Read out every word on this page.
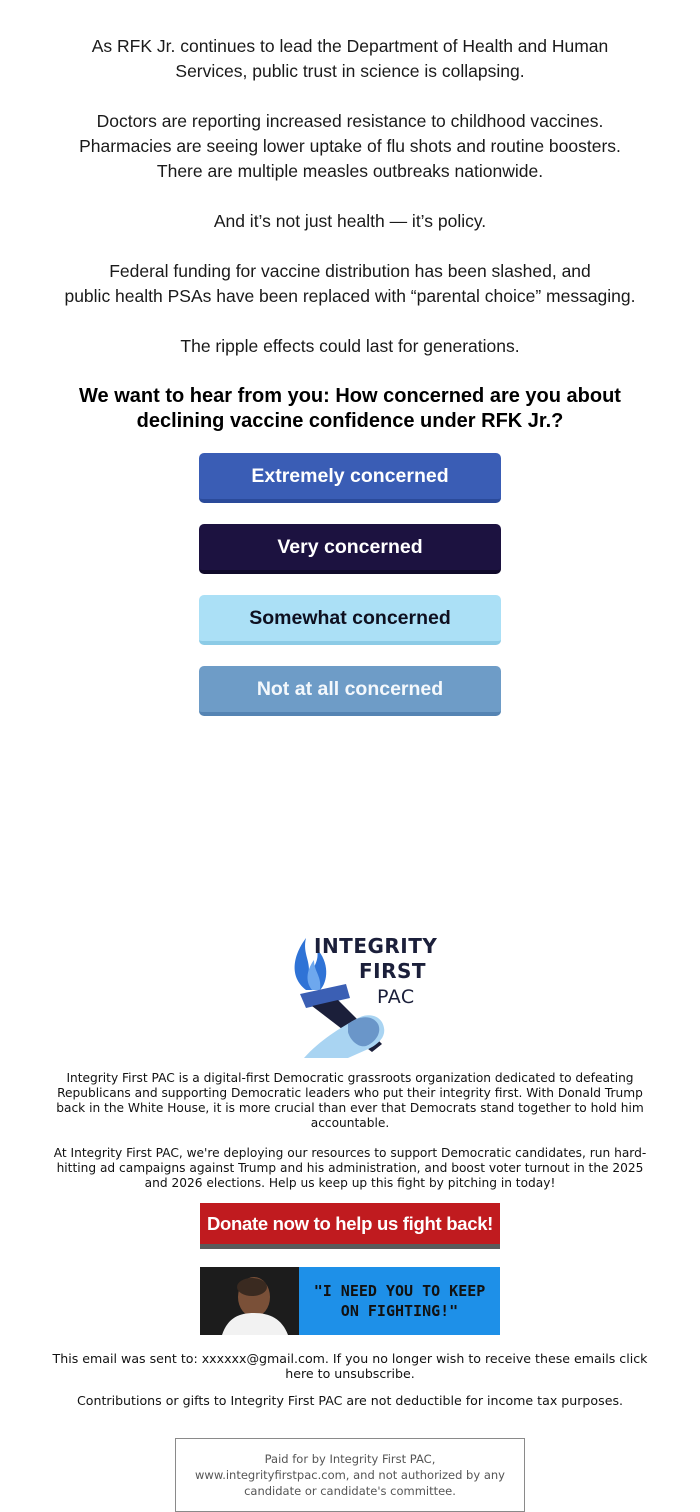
As RFK Jr. continues to lead the Department of Health and Human
Services, public trust in science is collapsing.

Doctors are reporting increased resistance to childhood vaccines.
Pharmacies are seeing lower uptake of flu shots and routine boosters.
There are multiple measles outbreaks nationwide.

And it’s not just health — it’s policy.

Federal funding for vaccine distribution has been slashed, and
public health PSAs have been replaced with “parental choice” messaging.

The ripple effects could last for generations.

We want to hear from you: How concerned are you about
declining vaccine confidence under RFK Jr.?
Extremely concerned
Very concerned
Somewhat concerned
Not at all concerned
INTEGRITY
FIRST
PAC

Integrity First PAC is a digital-first Democratic grassroots organization dedicated to defeating Republicans and supporting Democratic leaders who put their integrity first. With Donald Trump back in the White House, it is more crucial than ever that Democrats stand together to hold him accountable.

At Integrity First PAC, we're deploying our resources to support Democratic candidates, run hard-hitting ad campaigns against Trump and his administration, and boost voter turnout in the 2025 and 2026 elections. Help us keep up this fight by pitching in today!

Donate now to help us fight back!
"I NEED YOU TO KEEP ON FIGHTING!"

This email was sent to: xxxxxx@gmail.com. If you no longer wish to receive these emails click here to unsubscribe.

Contributions or gifts to Integrity First PAC are not deductible for income tax purposes.

Paid for by Integrity First PAC, www.integrityfirstpac.com, and not authorized by any candidate or candidate's committee.
